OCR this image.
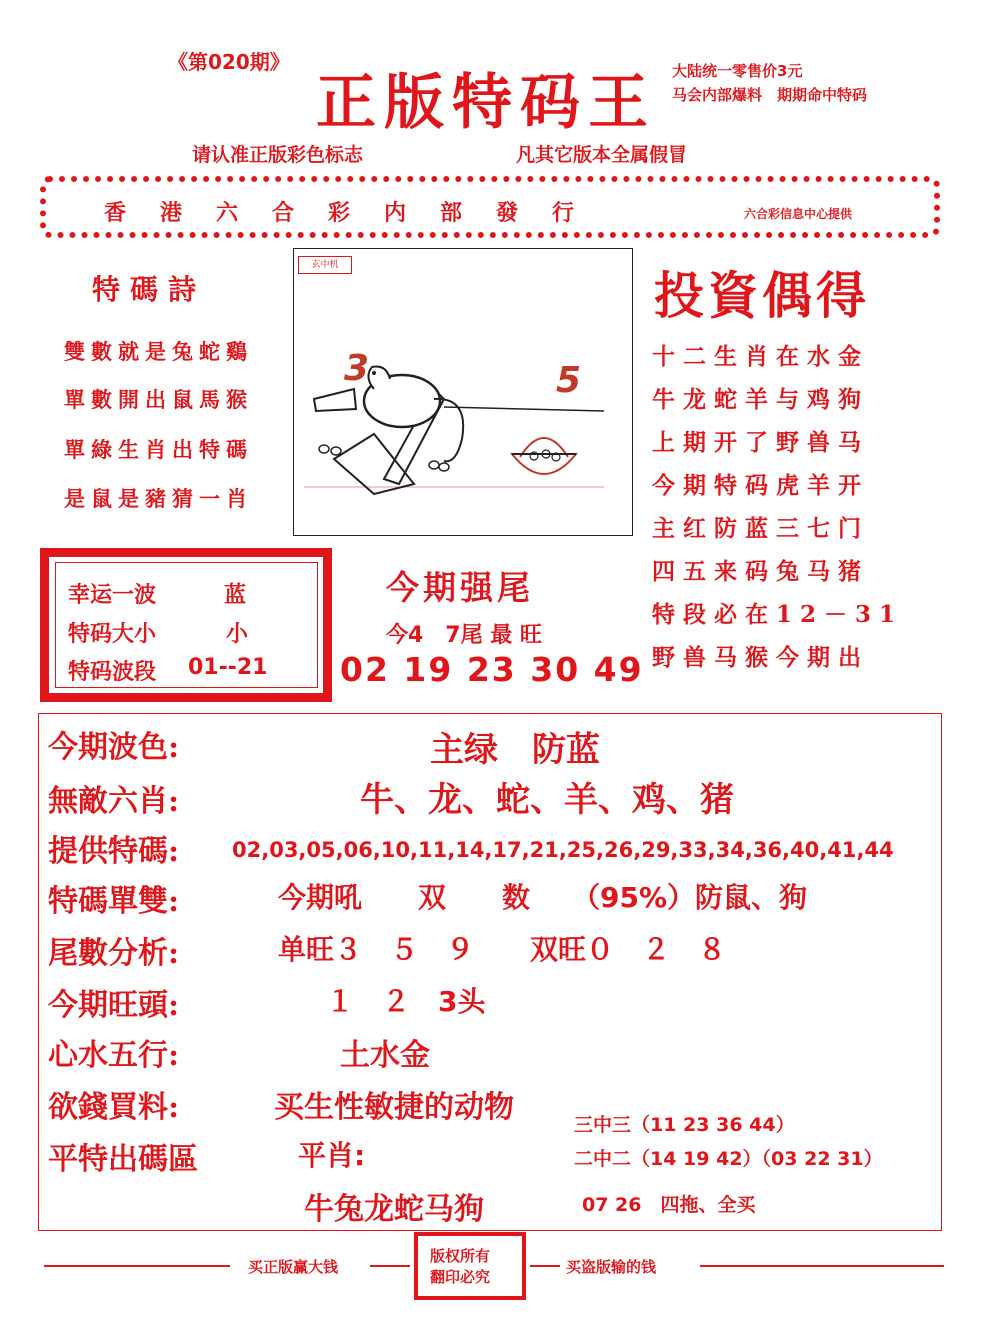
《第020期》
正版特码王 大陆统一零售价3元
马会内部爆料　期期命中特码
请认准正版彩色标志	凡其它版本全属假冒
香港六合彩内部發行	六合彩信息中心提供
特碼詩
雙數就是兔蛇鷄
單數開出鼠馬猴
單綠生肖出特碼
是鼠是豬猜一肖
玄中机
3	5
投資偶得
十二生肖在水金
牛龙蛇羊与鸡狗
上期开了野兽马
今期特码虎羊开
主红防蓝三七门
四五来码兔马猪
特段必在12－31
野兽马猴今期出
幸运一波	蓝
特码大小	小
特码波段 01--21
今期强尾
今4　7尾 最 旺
02 19 23 30 49
今期波色:	主绿　防蓝
無敵六肖:	牛、龙、蛇、羊、鸡、猪
提供特碼:	02,03,05,06,10,11,14,17,21,25,26,29,33,34,36,40,41,44
特碼單雙:	今期吼　　双　　数　　（95%）防鼠、狗
尾數分析:	单旺３　５　９　　双旺０　２　８
今期旺頭:	１　２　3头
心水五行:	土水金
欲錢買料:	买生性敏捷的动物
平特出碼區	平肖:
牛兔龙蛇马狗
三中三（11 23 36 44）
二中二（14 19 42）（03 22 31）
07 26　四拖、全买
买正版赢大钱
版权所有
翻印必究
买盗版输的钱
